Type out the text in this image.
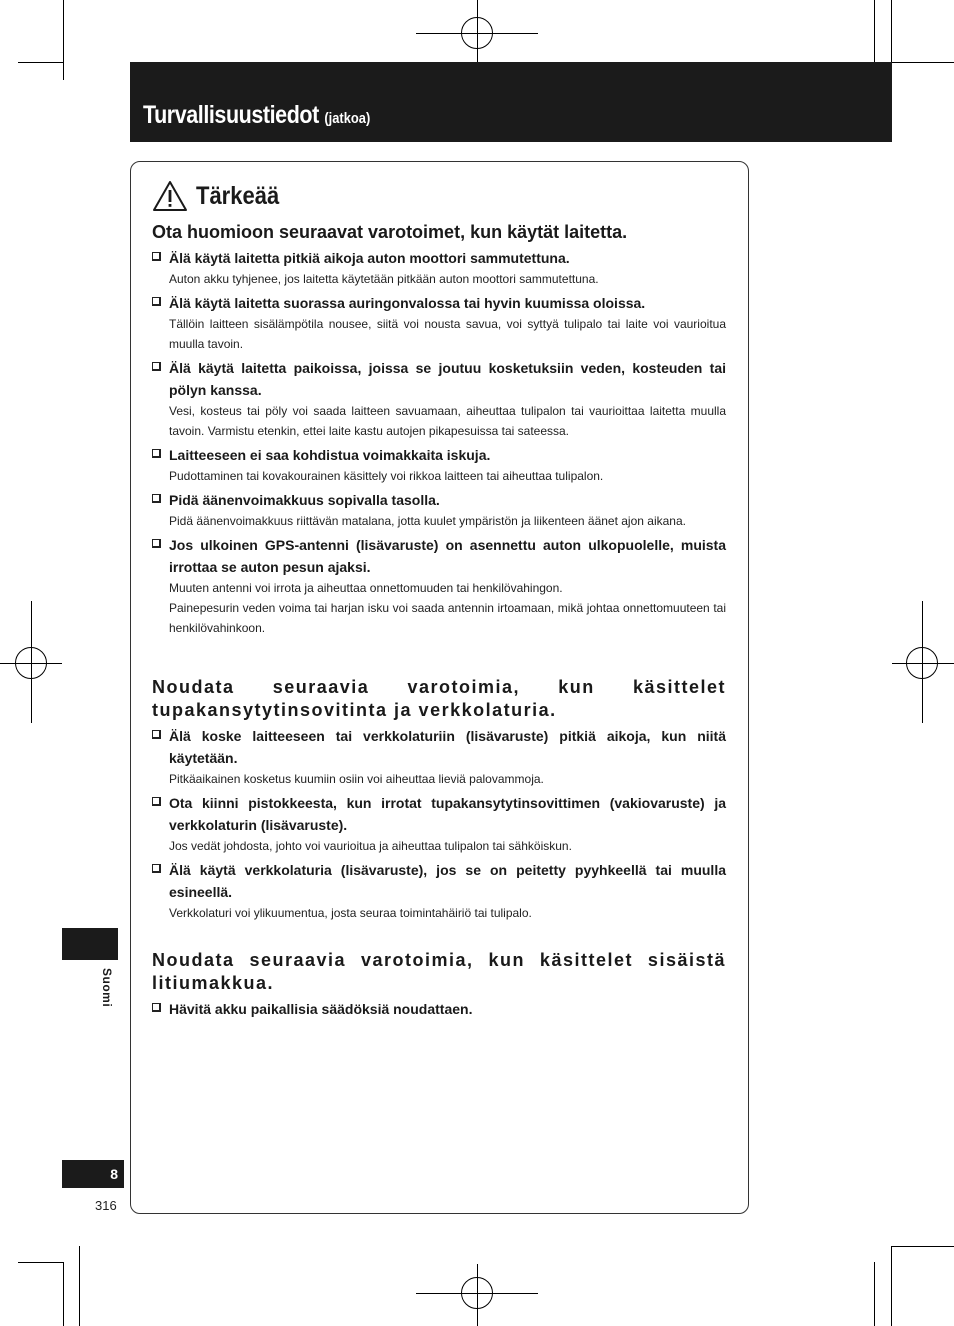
Turvallisuustiedot (jatkoa)
Tärkeää
Ota huomioon seuraavat varotoimet, kun käytät laitetta.
Älä käytä laitetta pitkiä aikoja auton moottori sammutettuna.
Auton akku tyhjenee, jos laitetta käytetään pitkään auton moottori sammutettuna.
Älä käytä laitetta suorassa auringonvalossa tai hyvin kuumissa oloissa.
Tällöin laitteen sisälämpötila nousee, siitä voi nousta savua, voi syttyä tulipalo tai laite voi vaurioitua muulla tavoin.
Älä käytä laitetta paikoissa, joissa se joutuu kosketuksiin veden, kosteuden tai pölyn kanssa.
Vesi, kosteus tai pöly voi saada laitteen savuamaan, aiheuttaa tulipalon tai vaurioittaa laitetta muulla tavoin. Varmistu etenkin, ettei laite kastu autojen pikapesuissa tai sateessa.
Laitteeseen ei saa kohdistua voimakkaita iskuja.
Pudottaminen tai kovakourainen käsittely voi rikkoa laitteen tai aiheuttaa tulipalon.
Pidä äänenvoimakkuus sopivalla tasolla.
Pidä äänenvoimakkuus riittävän matalana, jotta kuulet ympäristön ja liikenteen äänet ajon aikana.
Jos ulkoinen GPS-antenni (lisävaruste) on asennettu auton ulkopuolelle, muista irrottaa se auton pesun ajaksi.
Muuten antenni voi irrota ja aiheuttaa onnettomuuden tai henkilövahingon.
Painepesurin veden voima tai harjan isku voi saada antennin irtoamaan, mikä johtaa onnettomuuteen tai henkilövahinkoon.
Noudata seuraavia varotoimia, kun käsittelet tupakansytytinsovitinta ja verkkolaturia.
Älä koske laitteeseen tai verkkolaturiin (lisävaruste) pitkiä aikoja, kun niitä käytetään.
Pitkäaikainen kosketus kuumiin osiin voi aiheuttaa lieviä palovammoja.
Ota kiinni pistokkeesta, kun irrotat tupakansytytinsovittimen (vakiovaruste) ja verkkolaturin (lisävaruste).
Jos vedät johdosta, johto voi vaurioitua ja aiheuttaa tulipalon tai sähköiskun.
Älä käytä verkkolaturia (lisävaruste), jos se on peitetty pyyhkeellä tai muulla esineellä.
Verkkolaturi voi ylikuumentua, josta seuraa toimintahäiriö tai tulipalo.
Noudata seuraavia varotoimia, kun käsittelet sisäistä litiumakkua.
Hävitä akku paikallisia säädöksiä noudattaen.
Suomi
8
316
